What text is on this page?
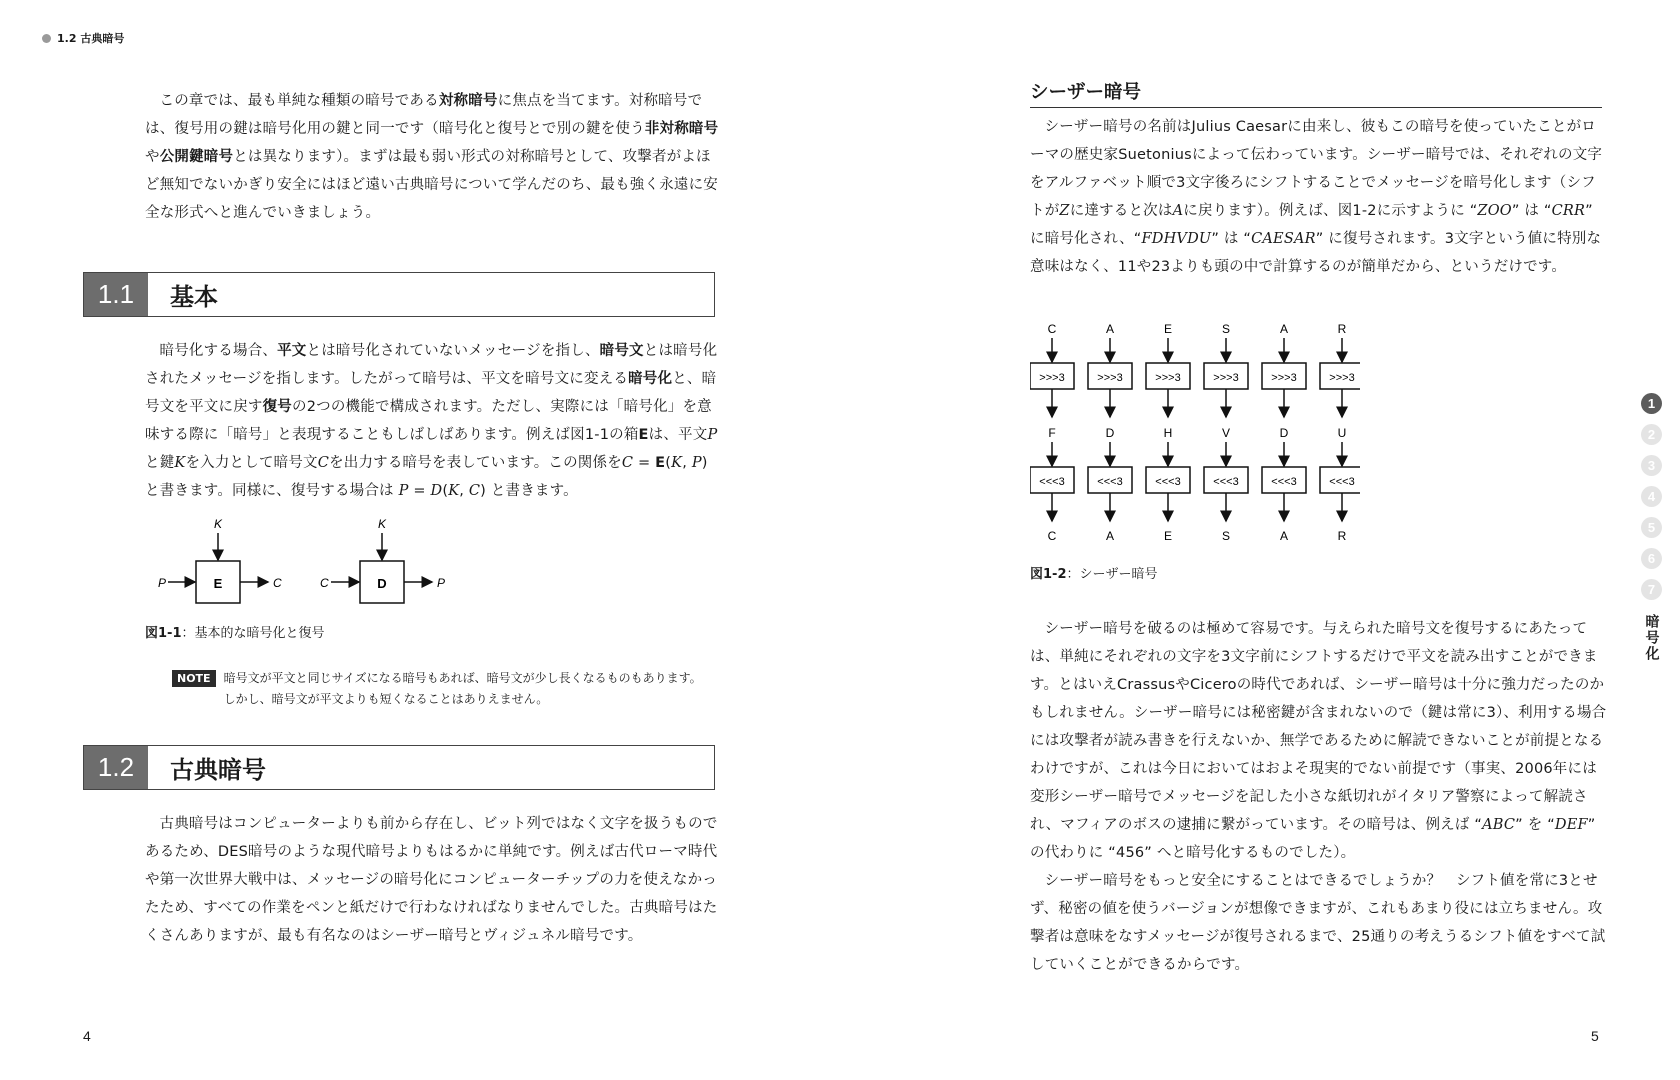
1.2 古典暗号

この章では、最も単純な種類の暗号である対称暗号に焦点を当てます。対称暗号では、復号用の鍵は暗号化用の鍵と同一です（暗号化と復号とで別の鍵を使う非対称暗号や公開鍵暗号とは異なります）。まずは最も弱い形式の対称暗号として、攻撃者がよほど無知でないかぎり安全にはほど遠い古典暗号について学んだのち、最も強く永遠に安全な形式へと進んでいきましょう。

1.1	基本

暗号化する場合、平文とは暗号化されていないメッセージを指し、暗号文とは暗号化されたメッセージを指します。したがって暗号は、平文を暗号文に変える暗号化と、暗号文を平文に戻す復号の2つの機能で構成されます。ただし、実際には「暗号化」を意味する際に「暗号」と表現することもしばしばあります。例えば図1-1の箱Eは、平文Pと鍵Kを入力として暗号文Cを出力する暗号を表しています。この関係をC = E(K, P) と書きます。同様に、復号する場合は P = D(K, C) と書きます。

K
E
P	C
K
D
C	P
図1-1：基本的な暗号化と復号
NOTE	暗号文が平文と同じサイズになる暗号もあれば、暗号文が少し長くなるものもあります。
しかし、暗号文が平文よりも短くなることはありえません。
1.2	古典暗号

古典暗号はコンピューターよりも前から存在し、ビット列ではなく文字を扱うものであるため、DES暗号のような現代暗号よりもはるかに単純です。例えば古代ローマ時代や第一次世界大戦中は、メッセージの暗号化にコンピューターチップの力を使えなかったため、すべての作業をペンと紙だけで行わなければなりませんでした。古典暗号はたくさんありますが、最も有名なのはシーザー暗号とヴィジュネル暗号です。

4
シーザー暗号

シーザー暗号の名前はJulius Caesarに由来し、彼もこの暗号を使っていたことがローマの歴史家Suetoniusによって伝わっています。シーザー暗号では、それぞれの文字をアルファベット順で3文字後ろにシフトすることでメッセージを暗号化します（シフトがZに達すると次はAに戻ります）。例えば、図1-2に示すように “ZOO” は “CRR” に暗号化され、“FDHVDU” は “CAESAR” に復号されます。3文字という値に特別な意味はなく、11や23よりも頭の中で計算するのが簡単だから、というだけです。

C
>>>3
F
<<<3
C
A
>>>3
D
<<<3
A
E
>>>3
H
<<<3
E
S
>>>3
V
<<<3
S
A
>>>3
D
<<<3
A
R
>>>3
U
<<<3
R
図1-2：シーザー暗号

シーザー暗号を破るのは極めて容易です。与えられた暗号文を復号するにあたっては、単純にそれぞれの文字を3文字前にシフトするだけで平文を読み出すことができます。とはいえCrassusやCiceroの時代であれば、シーザー暗号は十分に強力だったのかもしれません。シーザー暗号には秘密鍵が含まれないので（鍵は常に3）、利用する場合には攻撃者が読み書きを行えないか、無学であるために解読できないことが前提となるわけですが、これは今日においてはおよそ現実的でない前提です（事実、2006年には変形シーザー暗号でメッセージを記した小さな紙切れがイタリア警察によって解読され、マフィアのボスの逮捕に繋がっています。その暗号は、例えば “ABC” を “DEF” の代わりに “456” へと暗号化するものでした）。

シーザー暗号をもっと安全にすることはできるでしょうか？　シフト値を常に3とせず、秘密の値を使うバージョンが想像できますが、これもあまり役には立ちません。攻撃者は意味をなすメッセージが復号されるまで、25通りの考えうるシフト値をすべて試していくことができるからです。

5
1
2
3
4
5
6
7
暗号化
